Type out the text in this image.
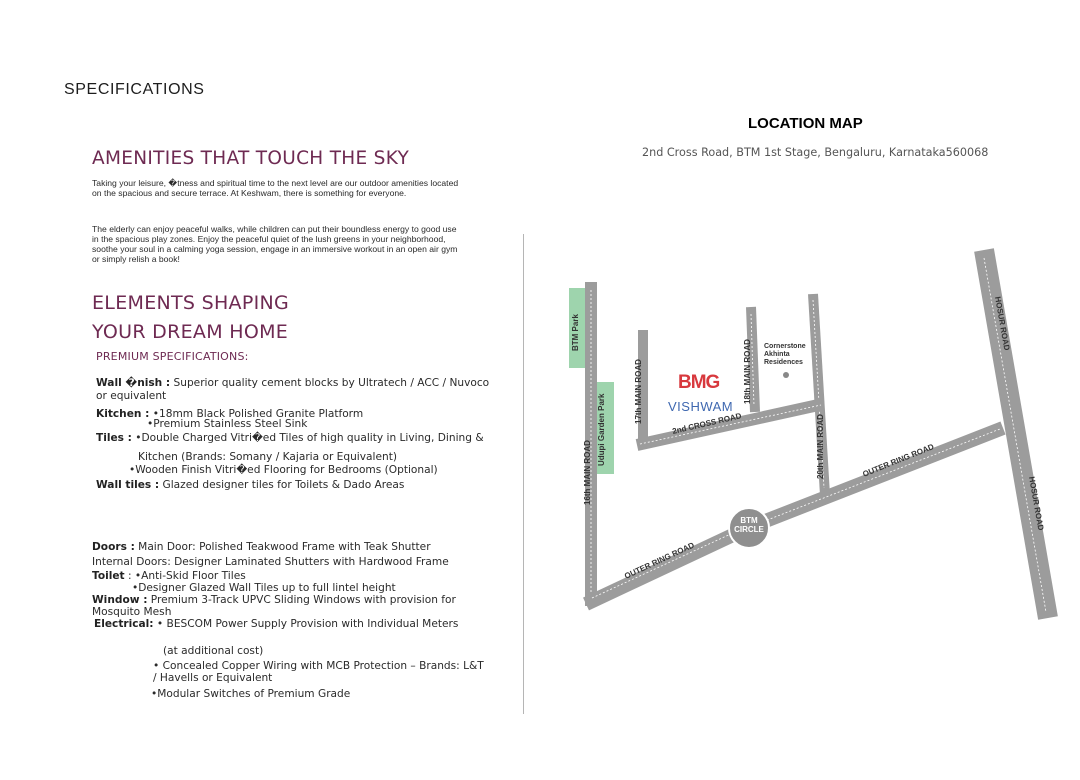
SPECIFICATIONS
AMENITIES THAT TOUCH THE SKY
Taking your leisure, �tness and spiritual time to the next level are our outdoor amenities located on the spacious and secure terrace. At Keshwam, there is something for everyone.
The elderly can enjoy peaceful walks, while children can put their boundless energy to good use in the spacious play zones. Enjoy the peaceful quiet of the lush greens in your neighborhood, soothe your soul in a calming yoga session, engage in an immersive workout in an open air gym or simply relish a book!
ELEMENTS SHAPING
YOUR DREAM HOME
PREMIUM SPECIFICATIONS:
Wall �nish : Superior quality cement blocks by Ultratech / ACC / Nuvoco
or equivalent
Kitchen : •18mm Black Polished Granite Platform
•Premium Stainless Steel Sink
Tiles : •Double Charged Vitri�ed Tiles of high quality in Living, Dining &
Kitchen (Brands: Somany / Kajaria or Equivalent)
•Wooden Finish Vitri�ed Flooring for Bedrooms (Optional)
Wall tiles : Glazed designer tiles for Toilets & Dado Areas
Doors : Main Door: Polished Teakwood Frame with Teak Shutter
Internal Doors: Designer Laminated Shutters with Hardwood Frame
Toilet : •Anti-Skid Floor Tiles
•Designer Glazed Wall Tiles up to full lintel height
Window : Premium 3-Track UPVC Sliding Windows with provision for
Mosquito Mesh
Electrical: • BESCOM Power Supply Provision with Individual Meters
(at additional cost)
• Concealed Copper Wiring with MCB Protection – Brands: L&T
/ Havells or Equivalent
•Modular Switches of Premium Grade
LOCATION MAP
2nd Cross Road, BTM 1st Stage, Bengaluru, Karnataka560068
BTM
CIRCLE
Cornerstone
Akhinta
Residences
BMG
VISHWAM
BTM Park
Udupi Garden Park
16th MAIN ROAD
17th MAIN ROAD	18th MAIN ROAD
20th MAIN ROAD
2nd CROSS ROAD
OUTER RING ROAD
OUTER RING ROAD
HOSUR ROAD
HOSUR ROAD
